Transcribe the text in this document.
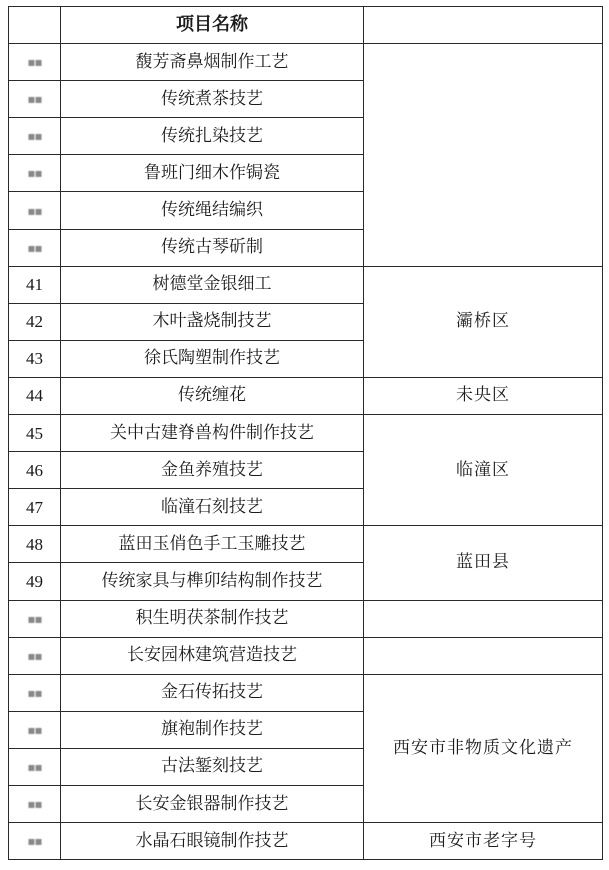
	项目名称	
▪▪	馥芳斋鼻烟制作工艺	
▪▪	传统煮茶技艺	
▪▪	传统扎染技艺	
▪▪	鲁班门细木作锔瓷	
▪▪	传统绳结编织	
▪▪	传统古琴斫制	
41	树德堂金银细工	灞桥区
42	木叶盏烧制技艺	
43	徐氏陶塑制作技艺	
44	传统缠花	未央区
45	关中古建脊兽构件制作技艺	临潼区
46	金鱼养殖技艺	
47	临潼石刻技艺	
48	蓝田玉俏色手工玉雕技艺	蓝田县
49	传统家具与榫卯结构制作技艺	
▪▪	积生明茯茶制作技艺	
▪▪	长安园林建筑营造技艺	
▪▪	金石传拓技艺	西安市非物质文化遗产
▪▪	旗袍制作技艺	
▪▪	古法錾刻技艺	
▪▪	长安金银器制作技艺	
▪▪	水晶石眼镜制作技艺	西安市老字号
